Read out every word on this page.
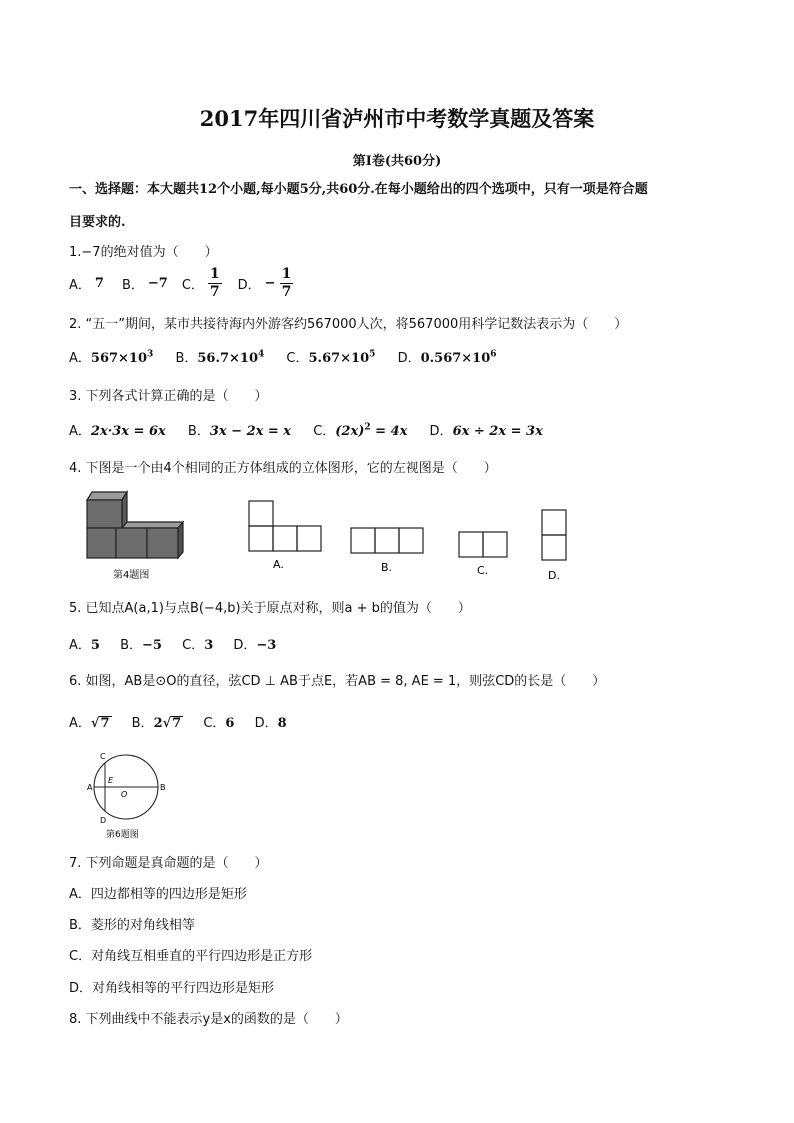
2017年四川省泸州市中考数学真题及答案
第Ⅰ卷(共60分)
一、选择题：本大题共12个小题,每小题5分,共60分.在每小题给出的四个选项中，只有一项是符合题
目要求的.
1.−7的绝对值为（　　）
A． 7 B． −7 C． $\frac{1}{7}$ D． − $\frac{1}{7}$
2. “五一”期间，某市共接待海内外游客约567000人次，将567000用科学记数法表示为（　　）
A．$567\times 10^3$ B．$56.7\times 10^4$ C．$5.67\times 10^5$ D．$0.567\times 10^6$
3. 下列各式计算正确的是（　　）
A．2x·3x = 6x B．3x − 2x = x C．$(2x)^2 = 4x$ D．6x ÷ 2x = 3x
4. 下图是一个由4个相同的正方体组成的立体图形，它的左视图是（　　）
第4题图
A.	B.	C.	D.
5. 已知点A(a,1)与点B(−4,b)关于原点对称，则a + b的值为（　　）
A．5 B．−5 C．3 D．−3
6. 如图，AB是⊙O的直径，弦CD ⊥ AB于点E，若AB = 8, AE = 1，则弦CD的长是（　　）
A．√7 B．2√7 C．6 D．8
C
A	B
E
O
D
第6题图
7. 下列命题是真命题的是（　　）
A．四边都相等的四边形是矩形
B．菱形的对角线相等
C．对角线互相垂直的平行四边形是正方形
D．对角线相等的平行四边形是矩形
8. 下列曲线中不能表示y是x的函数的是（　　）
